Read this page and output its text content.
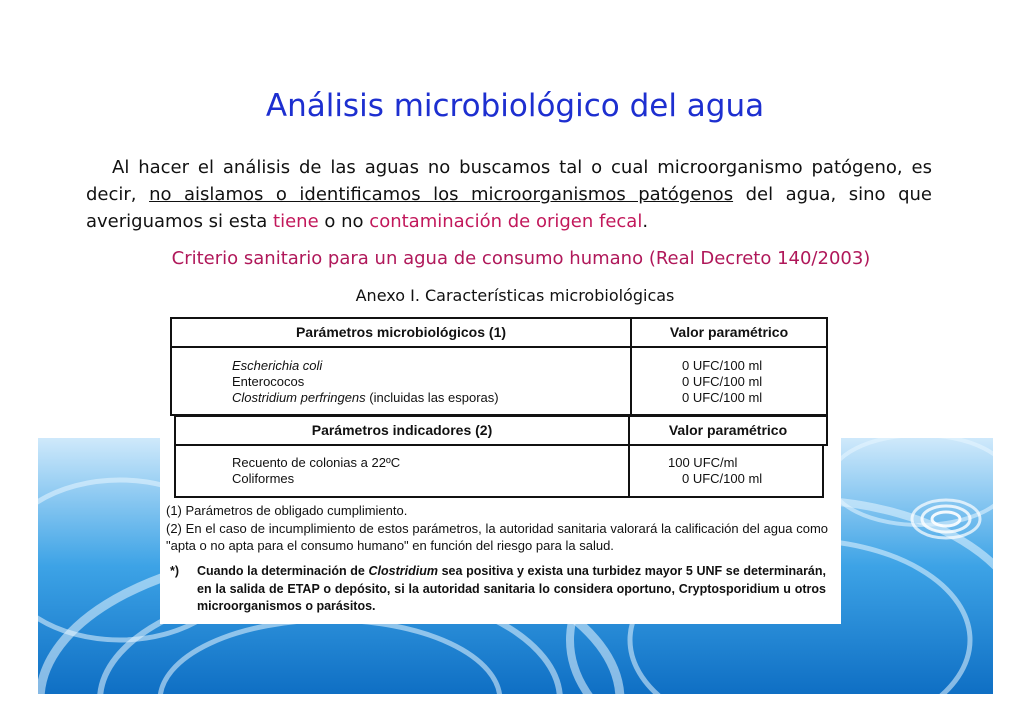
Análisis microbiológico del agua
Al hacer el análisis de las aguas no buscamos tal o cual microorganismo patógeno, es decir, no aislamos o identificamos los microorganismos patógenos del agua, sino que averiguamos si esta tiene o no contaminación de origen fecal.
Criterio sanitario para un agua de consumo humano (Real Decreto 140/2003)
Anexo I. Características microbiológicas
Parámetros microbiológicos (1)	Valor paramétrico
Escherichia coli
Enterococos
Clostridium perfringens (incluidas las esporas)
0 UFC/100 ml
0 UFC/100 ml
0 UFC/100 ml
Parámetros indicadores (2)	Valor paramétrico
Recuento de colonias a 22ºC
Coliformes
100 UFC/ml
0 UFC/100 ml
(1) Parámetros de obligado cumplimiento.
(2) En el caso de incumplimiento de estos parámetros, la autoridad sanitaria valorará la calificación del agua como "apta o no apta para el consumo humano" en función del riesgo para la salud.
*) Cuando la determinación de Clostridium sea positiva y exista una turbidez mayor 5 UNF se determinarán, en la salida de ETAP o depósito, si la autoridad sanitaria lo considera oportuno, Cryptosporidium u otros microorganismos o parásitos.
